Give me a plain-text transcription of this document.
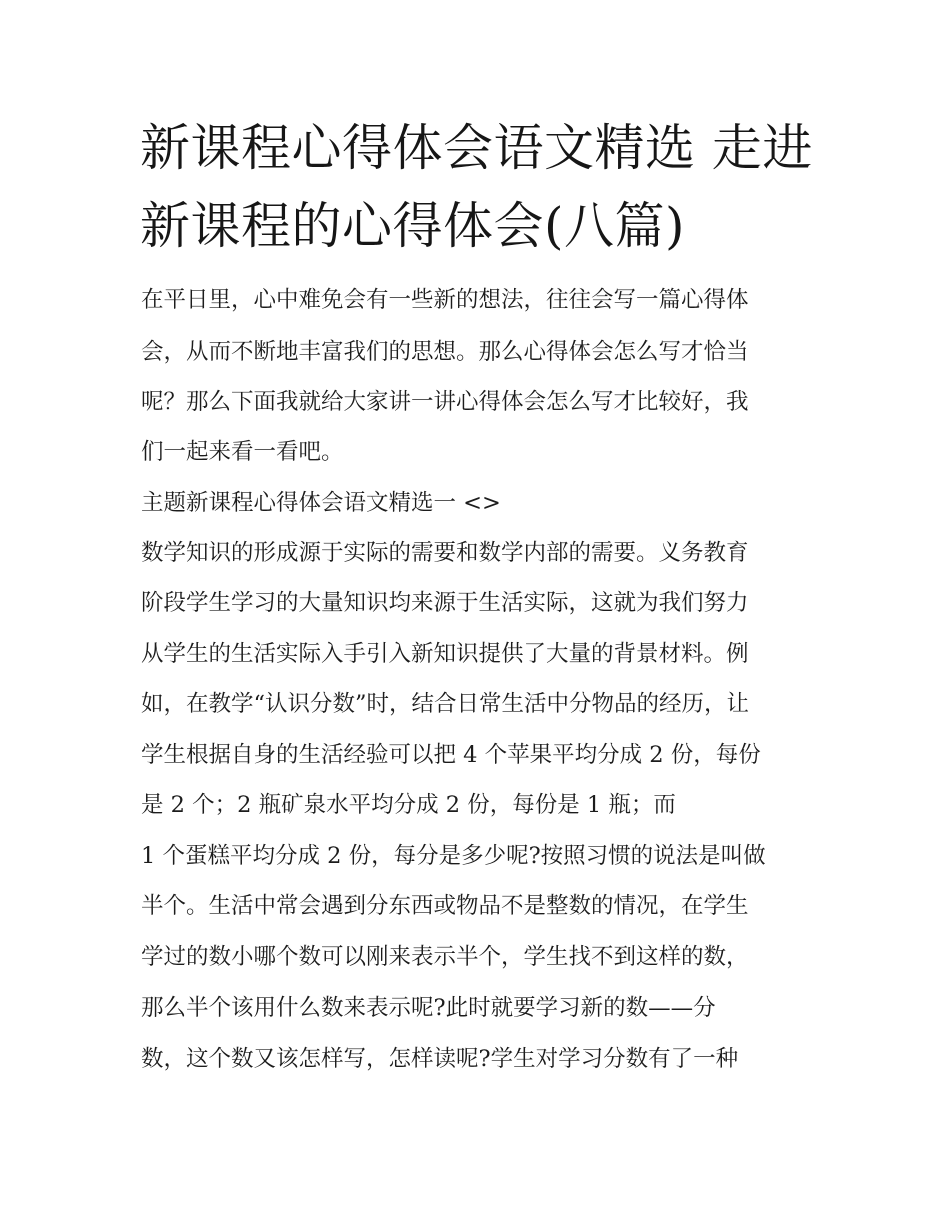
新课程心得体会语文精选 走进
新课程的心得体会(八篇)
在平日里，心中难免会有一些新的想法，往往会写一篇心得体
会，从而不断地丰富我们的思想。那么心得体会怎么写才恰当
呢？那么下面我就给大家讲一讲心得体会怎么写才比较好，我
们一起来看一看吧。
主题新课程心得体会语文精选一 <>
数学知识的形成源于实际的需要和数学内部的需要。义务教育
阶段学生学习的大量知识均来源于生活实际，这就为我们努力
从学生的生活实际入手引入新知识提供了大量的背景材料。例
如，在教学“认识分数”时，结合日常生活中分物品的经历，让
学生根据自身的生活经验可以把 4 个苹果平均分成 2 份，每份
是 2 个；2 瓶矿泉水平均分成 2 份，每份是 1 瓶；而
1 个蛋糕平均分成 2 份，每分是多少呢?按照习惯的说法是叫做
半个。生活中常会遇到分东西或物品不是整数的情况，在学生
学过的数小哪个数可以刚来表示半个，学生找不到这样的数，
那么半个该用什么数来表示呢?此时就要学习新的数——分
数，这个数又该怎样写，怎样读呢?学生对学习分数有了一种
